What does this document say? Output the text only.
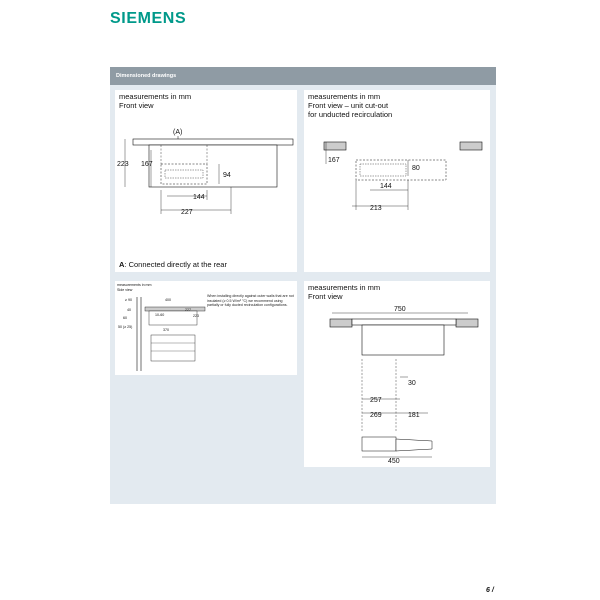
SIEMENS
Dimensioned drawings
measurements in mm
Front view
(A)
223 167
94
144
227
A: Connected directly at the rear
measurements in mm
Front view – unit cut-out
for unducted recirculation
167
80
144
213
measurements in mm
Side view
When installing directly against outer walls that are not insulated (≥ 0.5 W/m² °C) we recommend using partially or fully ducted recirculation configurations.
≥ 90	400
40
60
10-60
50 (≥ 25)
370
227
223
measurements in mm
Front view
750
30
257
269	181
450
6 /
